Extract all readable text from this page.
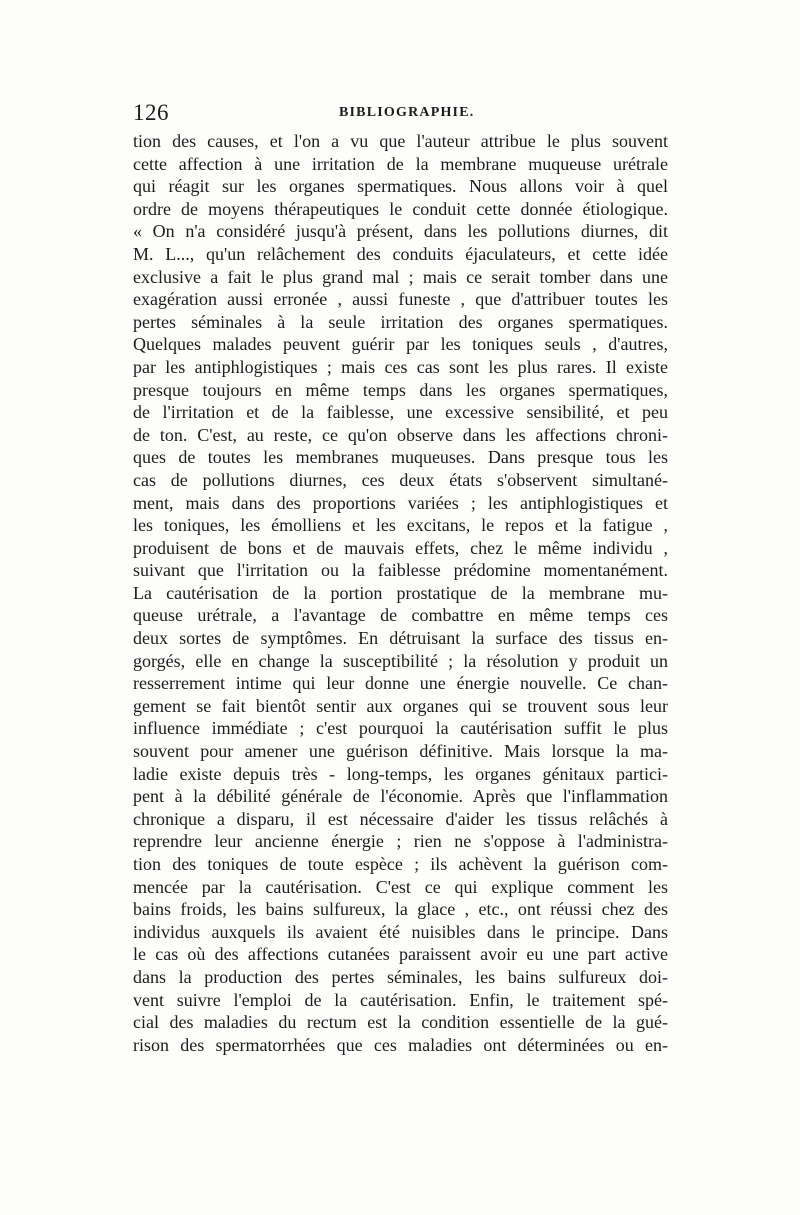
126	BIBLIOGRAPHIE.
tion des causes, et l'on a vu que l'auteur attribue le plus souvent
cette affection à une irritation de la membrane muqueuse urétrale
qui réagit sur les organes spermatiques. Nous allons voir à quel
ordre de moyens thérapeutiques le conduit cette donnée étiologique.
« On n'a considéré jusqu'à présent, dans les pollutions diurnes, dit
M. L..., qu'un relâchement des conduits éjaculateurs, et cette idée
exclusive a fait le plus grand mal ; mais ce serait tomber dans une
exagération aussi erronée , aussi funeste , que d'attribuer toutes les
pertes séminales à la seule irritation des organes spermatiques.
Quelques malades peuvent guérir par les toniques seuls , d'autres,
par les antiphlogistiques ; mais ces cas sont les plus rares. Il existe
presque toujours en même temps dans les organes spermatiques,
de l'irritation et de la faiblesse, une excessive sensibilité, et peu
de ton. C'est, au reste, ce qu'on observe dans les affections chroni-
ques de toutes les membranes muqueuses. Dans presque tous les
cas de pollutions diurnes, ces deux états s'observent simultané-
ment, mais dans des proportions variées ; les antiphlogistiques et
les toniques, les émolliens et les excitans, le repos et la fatigue ,
produisent de bons et de mauvais effets, chez le même individu ,
suivant que l'irritation ou la faiblesse prédomine momentanément.
La cautérisation de la portion prostatique de la membrane mu-
queuse urétrale, a l'avantage de combattre en même temps ces
deux sortes de symptômes. En détruisant la surface des tissus en-
gorgés, elle en change la susceptibilité ; la résolution y produit un
resserrement intime qui leur donne une énergie nouvelle. Ce chan-
gement se fait bientôt sentir aux organes qui se trouvent sous leur
influence immédiate ; c'est pourquoi la cautérisation suffit le plus
souvent pour amener une guérison définitive. Mais lorsque la ma-
ladie existe depuis très - long-temps, les organes génitaux partici-
pent à la débilité générale de l'économie. Après que l'inflammation
chronique a disparu, il est nécessaire d'aider les tissus relâchés à
reprendre leur ancienne énergie ; rien ne s'oppose à l'administra-
tion des toniques de toute espèce ; ils achèvent la guérison com-
mencée par la cautérisation. C'est ce qui explique comment les
bains froids, les bains sulfureux, la glace , etc., ont réussi chez des
individus auxquels ils avaient été nuisibles dans le principe. Dans
le cas où des affections cutanées paraissent avoir eu une part active
dans la production des pertes séminales, les bains sulfureux doi-
vent suivre l'emploi de la cautérisation. Enfin, le traitement spé-
cial des maladies du rectum est la condition essentielle de la gué-
rison des spermatorrhées que ces maladies ont déterminées ou en-
